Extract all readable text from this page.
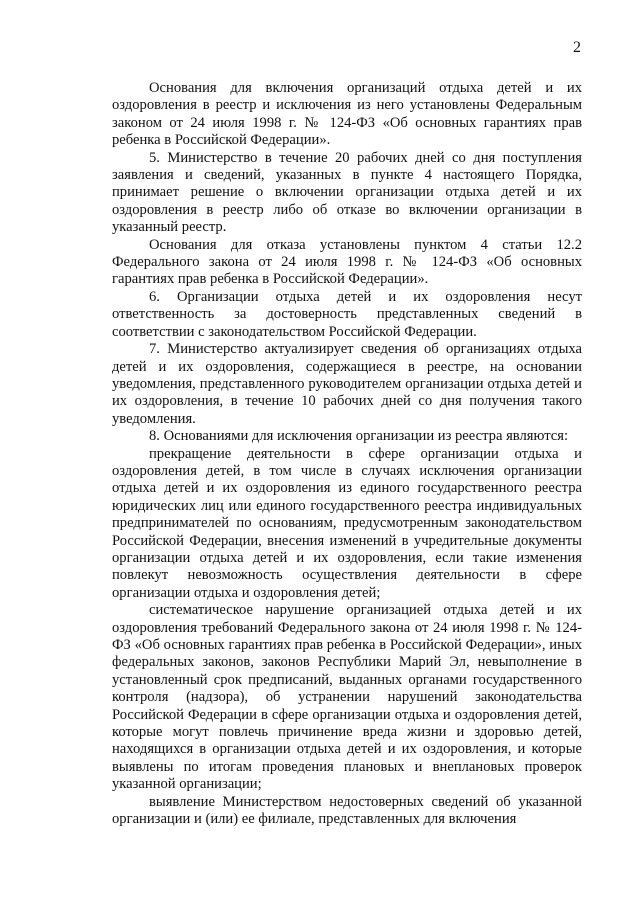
2

Основания для включения организаций отдыха детей и их оздоровления в реестр и исключения из него установлены Федеральным законом от 24 июля 1998 г. № 124-ФЗ «Об основных гарантиях прав ребенка в Российской Федерации».

5. Министерство в течение 20 рабочих дней со дня поступления заявления и сведений, указанных в пункте 4 настоящего Порядка, принимает решение о включении организации отдыха детей и их оздоровления в реестр либо об отказе во включении организации в указанный реестр.

Основания для отказа установлены пунктом 4 статьи 12.2 Федерального закона от 24 июля 1998 г. № 124-ФЗ «Об основных гарантиях прав ребенка в Российской Федерации».

6. Организации отдыха детей и их оздоровления несут ответственность за достоверность представленных сведений в соответствии с законодательством Российской Федерации.

7. Министерство актуализирует сведения об организациях отдыха детей и их оздоровления, содержащиеся в реестре, на основании уведомления, представленного руководителем организации отдыха детей и их оздоровления, в течение 10 рабочих дней со дня получения такого уведомления.

8. Основаниями для исключения организации из реестра являются:

прекращение деятельности в сфере организации отдыха и оздоровления детей, в том числе в случаях исключения организации отдыха детей и их оздоровления из единого государственного реестра юридических лиц или единого государственного реестра индивидуальных предпринимателей по основаниям, предусмотренным законодательством Российской Федерации, внесения изменений в учредительные документы организации отдыха детей и их оздоровления, если такие изменения повлекут невозможность осуществления деятельности в сфере организации отдыха и оздоровления детей;

систематическое нарушение организацией отдыха детей и их оздоровления требований Федерального закона от 24 июля 1998 г. № 124-ФЗ «Об основных гарантиях прав ребенка в Российской Федерации», иных федеральных законов, законов Республики Марий Эл, невыполнение в установленный срок предписаний, выданных органами государственного контроля (надзора), об устранении нарушений законодательства Российской Федерации в сфере организации отдыха и оздоровления детей, которые могут повлечь причинение вреда жизни и здоровью детей, находящихся в организации отдыха детей и их оздоровления, и которые выявлены по итогам проведения плановых и внеплановых проверок указанной организации;

выявление Министерством недостоверных сведений об указанной организации и (или) ее филиале, представленных для включения
